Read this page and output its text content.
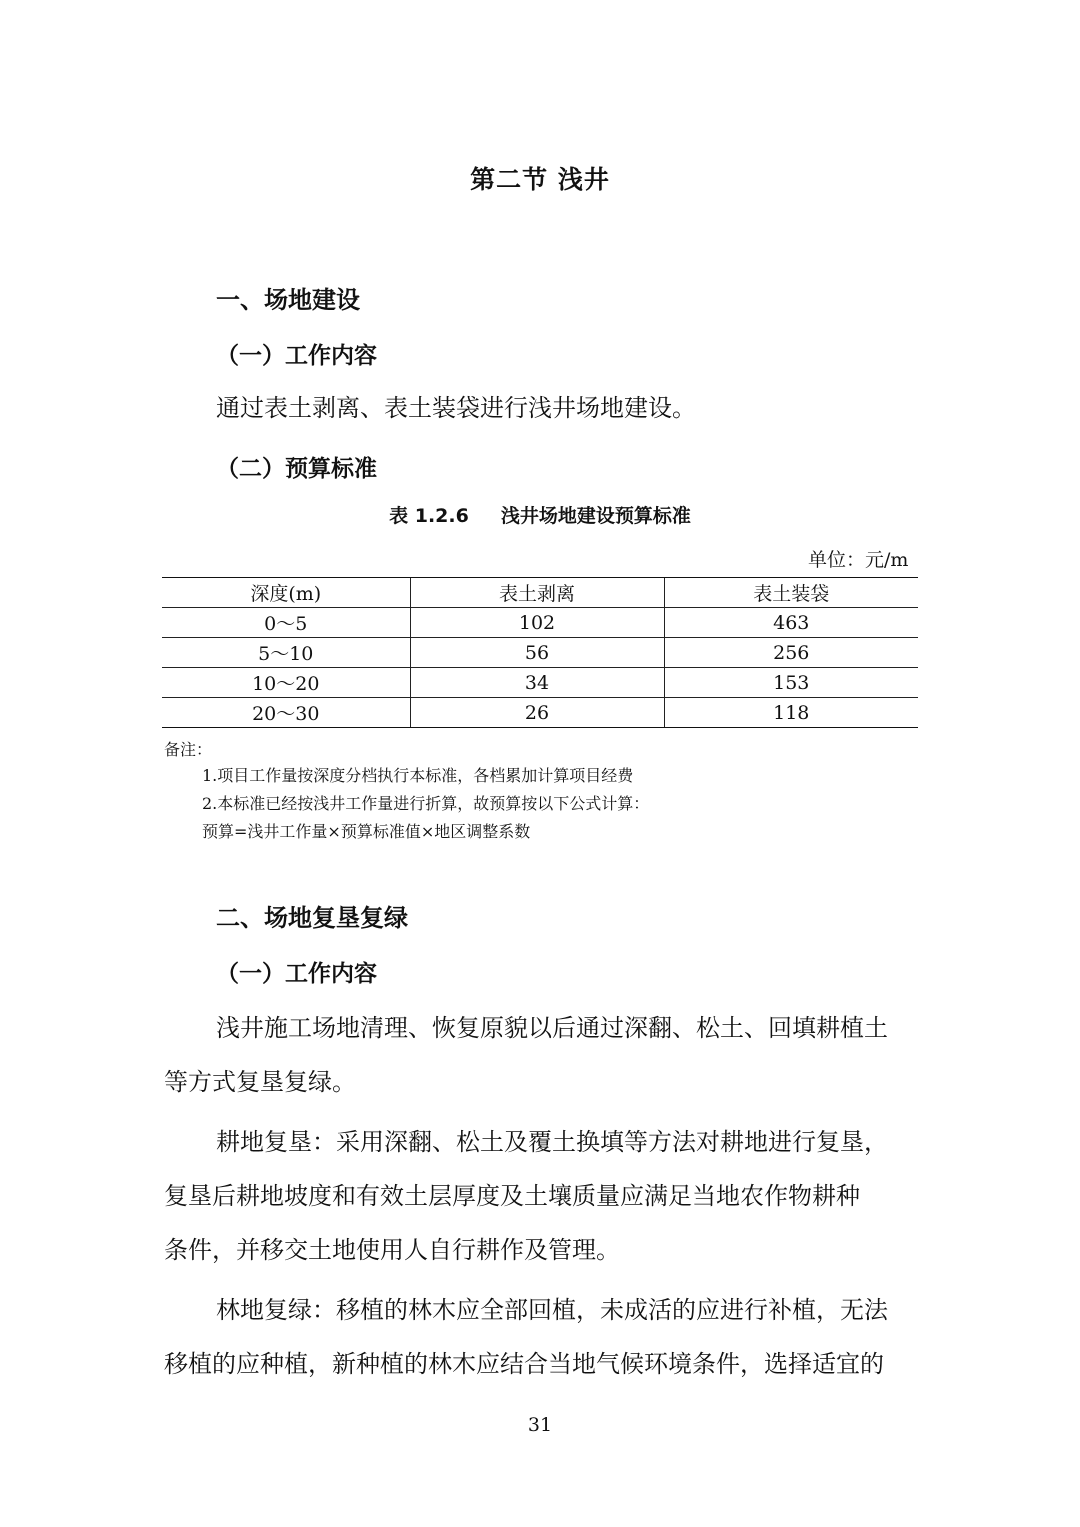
第二节 浅井
一、场地建设
（一）工作内容
通过表土剥离、表土装袋进行浅井场地建设。
（二）预算标准
表 1.2.6 浅井场地建设预算标准
单位：元/m
深度(m)	表土剥离	表土装袋
0～5	102	463
5～10	56	256
10～20	34	153
20～30	26	118
备注：
1.项目工作量按深度分档执行本标准，各档累加计算项目经费
2.本标准已经按浅井工作量进行折算，故预算按以下公式计算：
预算=浅井工作量×预算标准值×地区调整系数
二、场地复垦复绿
（一）工作内容
浅井施工场地清理、恢复原貌以后通过深翻、松土、回填耕植土
等方式复垦复绿。
耕地复垦：采用深翻、松土及覆土换填等方法对耕地进行复垦，
复垦后耕地坡度和有效土层厚度及土壤质量应满足当地农作物耕种
条件，并移交土地使用人自行耕作及管理。
林地复绿：移植的林木应全部回植，未成活的应进行补植，无法
移植的应种植，新种植的林木应结合当地气候环境条件，选择适宜的
31
